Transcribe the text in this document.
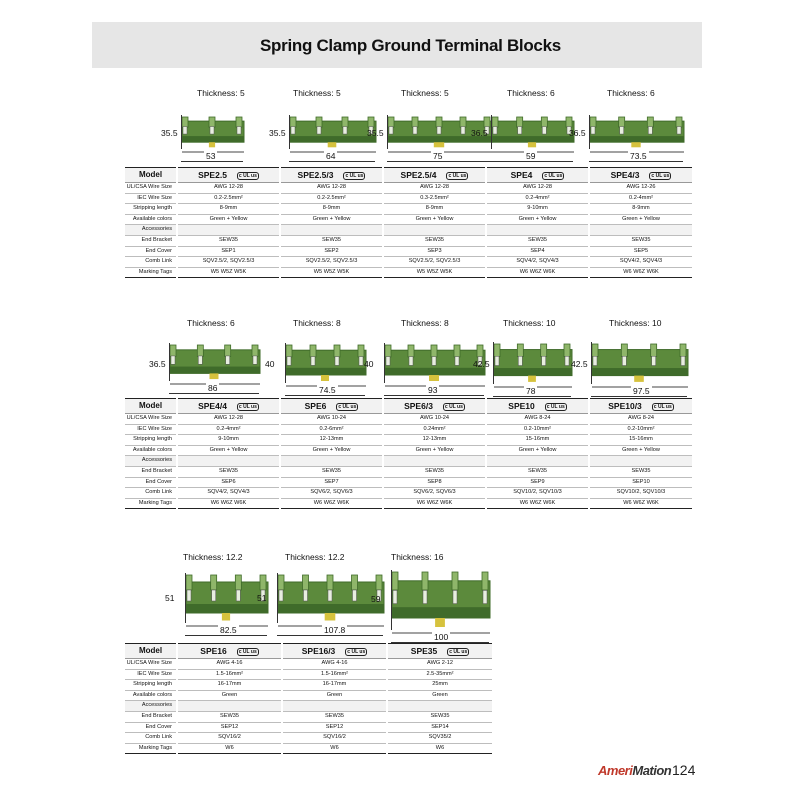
Spring Clamp Ground Terminal Blocks
Thickness: 5
35.5
53
Thickness: 5
35.5
64
Thickness: 5
35.5
75
Thickness: 6
36.5
59
Thickness: 6
36.5
73.5
Model	SPE2.5 c UL us	SPE2.5/3 c UL us	SPE2.5/4 c UL us	SPE4 c UL us	SPE4/3 c UL us
UL/CSA Wire Size	AWG 12-28	AWG 12-28	AWG 12-28	AWG 12-28	AWG 12-26
IEC Wire Size	0.2-2.5mm²	0.2-2.5mm²	0.3-2.5mm²	0.2-4mm²	0.2-4mm²
Stripping length	8-9mm	8-9mm	8-9mm	9-10mm	8-9mm
Available colors	Green + Yellow	Green + Yellow	Green + Yellow	Green + Yellow	Green + Yellow
Accessories					
End Bracket	SEW35	SEW35	SEW35	SEW35	SEW35
End Cover	SEP1	SEP2	SEP3	SEP4	SEP5
Comb Link	SQV2.5/2, SQV2.5/3	SQV2.5/2, SQV2.5/3	SQV2.5/2, SQV2.5/3	SQV4/2, SQV4/3	SQV4/2, SQV4/3
Marking Tags	W5 W5Z W5K	W5 W5Z W5K	W5 W5Z W5K	W6 W6Z W6K	W6 W6Z W6K
Thickness: 6
36.5
86
Thickness: 8
40
74.5
Thickness: 8
40
93
Thickness: 10
42.5
78
Thickness: 10
42.5
97.5
Model	SPE4/4 c UL us	SPE6 c UL us	SPE6/3 c UL us	SPE10 c UL us	SPE10/3 c UL us
UL/CSA Wire Size	AWG 12-28	AWG 10-24	AWG 10-24	AWG 8-24	AWG 8-24
IEC Wire Size	0.2-4mm²	0.2-6mm²	0.24mm²	0.2-10mm²	0.2-10mm²
Stripping length	9-10mm	12-13mm	12-13mm	15-16mm	15-16mm
Available colors	Green + Yellow	Green + Yellow	Green + Yellow	Green + Yellow	Green + Yellow
Accessories					
End Bracket	SEW35	SEW35	SEW35	SEW35	SEW35
End Cover	SEP6	SEP7	SEP8	SEP9	SEP10
Comb Link	SQV4/2, SQV4/3	SQV6/2, SQV6/3	SQV6/2, SQV6/3	SQV10/2, SQV10/3	SQV10/2, SQV10/3
Marking Tags	W6 W6Z W6K	W6 W6Z W6K	W6 W6Z W6K	W6 W6Z W6K	W6 W6Z W6K
Thickness: 12.2
51
82.5
Thickness: 12.2
51
107.8
Thickness: 16
59
100
Model	SPE16 c UL us	SPE16/3 c UL us	SPE35 c UL us
UL/CSA Wire Size	AWG 4-16	AWG 4-16	AWG 2-12
IEC Wire Size	1.5-16mm²	1.5-16mm²	2.5-35mm²
Stripping length	16-17mm	16-17mm	25mm
Available colors	Green	Green	Green
Accessories			
End Bracket	SEW35	SEW35	SEW35
End Cover	SEP12	SEP12	SEP14
Comb Link	SQV16/2	SQV16/2	SQV35/2
Marking Tags	W6	W6	W6
AmeriMation 124
